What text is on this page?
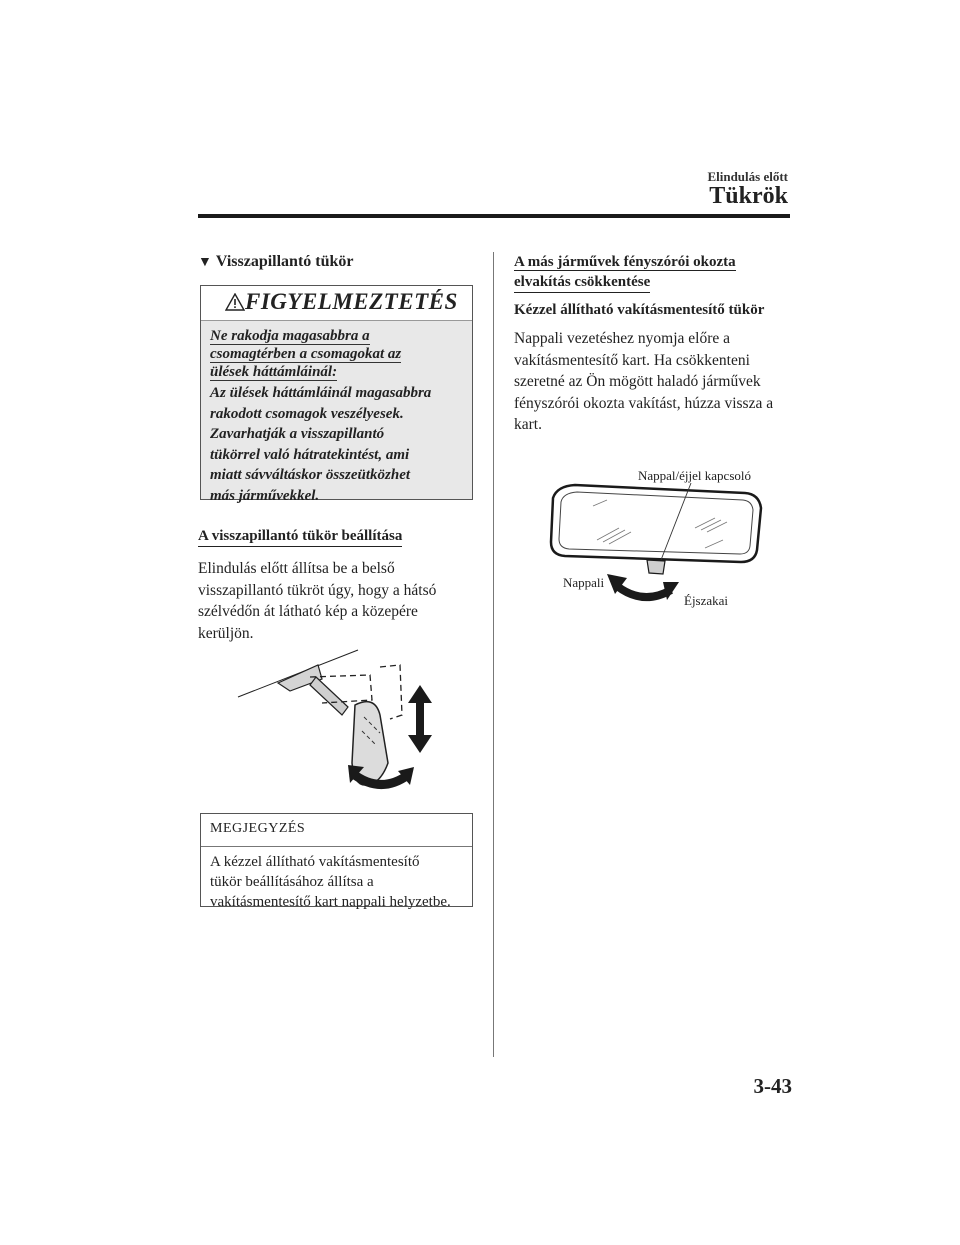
Elindulás előtt
Tükrök
▼ Visszapillantó tükör
FIGYELMEZTETÉS
Ne rakodja magasabbra a
csomagtérben a csomagokat az
ülések háttámláinál:
Az ülések háttámláinál magasabbra
rakodott csomagok veszélyesek.
Zavarhatják a visszapillantó
tükörrel való hátratekintést, ami
miatt sávváltáskor összeütközhet
más járművekkel.
A visszapillantó tükör beállítása
Elindulás előtt állítsa be a belső
visszapillantó tükröt úgy, hogy a hátsó
szélvédőn át látható kép a közepére
kerüljön.
MEGJEGYZÉS
A kézzel állítható vakításmentesítő
tükör beállításához állítsa a
vakításmentesítő kart nappali helyzetbe.
A más járművek fényszórói okozta
elvakítás csökkentése
Kézzel állítható vakításmentesítő tükör
Nappali vezetéshez nyomja előre a
vakításmentesítő kart. Ha csökkenteni
szeretné az Ön mögött haladó járművek
fényszórói okozta vakítást, húzza vissza a
kart.
Nappal/éjjel kapcsoló
Nappali
Éjszakai
3-43
